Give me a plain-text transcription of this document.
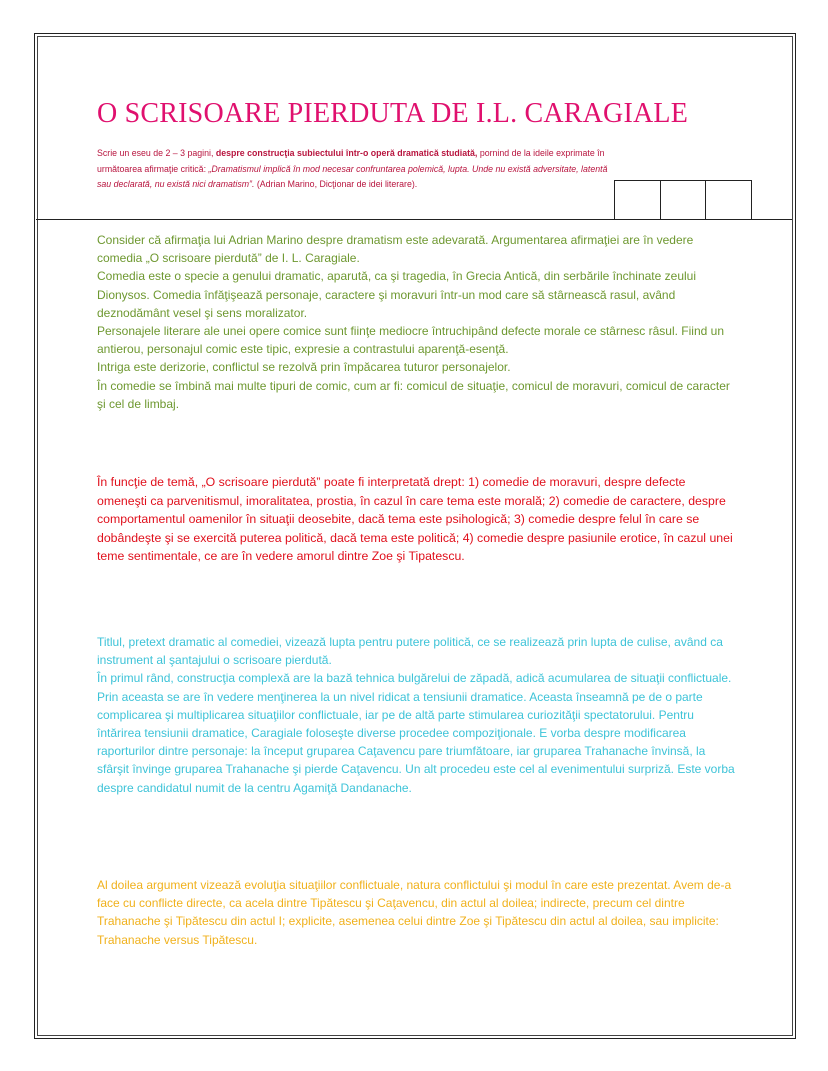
O SCRISOARE PIERDUTA DE I.L. CARAGIALE

Scrie un eseu de 2 – 3 pagini, despre construcţia subiectului într-o operă dramatică studiată, pornind de la ideile exprimate în următoarea afirmaţie critică: „Dramatismul implică în mod necesar confruntarea polemică, lupta. Unde nu există adversitate, latentă sau declarată, nu există nici dramatism”. (Adrian Marino, Dicţionar de idei literare).

Consider că afirmaţia lui Adrian Marino despre dramatism este adevarată. Argumentarea afirmaţiei are în vedere comedia „O scrisoare pierdută” de I. L. Caragiale.
Comedia este o specie a genului dramatic, aparută, ca şi tragedia, în Grecia Antică, din serbările închinate zeului Dionysos. Comedia înfăţişează personaje, caractere şi moravuri într-un mod care să stârnească rasul, având deznodământ vesel şi sens moralizator.
Personajele literare ale unei opere comice sunt fiinţe mediocre întruchipând defecte morale ce stârnesc râsul. Fiind un antierou, personajul comic este tipic, expresie a contrastului aparenţă-esenţă.
Intriga este derizorie, conflictul se rezolvă prin împăcarea tuturor personajelor.
În comedie se îmbină mai multe tipuri de comic, cum ar fi: comicul de situaţie, comicul de moravuri, comicul de caracter şi cel de limbaj.
În funcţie de temă, „O scrisoare pierdută” poate fi interpretată drept: 1) comedie de moravuri, despre defecte omeneşti ca parvenitismul, imoralitatea, prostia, în cazul în care tema este morală; 2) comedie de caractere, despre comportamentul oamenilor în situaţii deosebite, dacă tema este psihologică; 3) comedie despre felul în care se dobândeşte şi se exercită puterea politică, dacă tema este politică; 4) comedie despre pasiunile erotice, în cazul unei teme sentimentale, ce are în vedere amorul dintre Zoe şi Tipatescu.
Titlul, pretext dramatic al comediei, vizează lupta pentru putere politică, ce se realizează prin lupta de culise, având ca instrument al şantajului o scrisoare pierdută.
În primul rând, construcţia complexă are la bază tehnica bulgărelui de zăpadă, adică acumularea de situaţii conflictuale. Prin aceasta se are în vedere menţinerea la un nivel ridicat a tensiunii dramatice. Aceasta înseamnă pe de o parte complicarea şi multiplicarea situaţiilor conflictuale, iar pe de altă parte stimularea curiozităţii spectatorului. Pentru întărirea tensiunii dramatice, Caragiale foloseşte diverse procedee compoziţionale. E vorba despre modificarea raporturilor dintre personaje: la început gruparea Caţavencu pare triumfătoare, iar gruparea Trahanache învinsă, la sfârşit învinge gruparea Trahanache şi pierde Caţavencu. Un alt procedeu este cel al evenimentului surpriză. Este vorba despre candidatul numit de la centru Agamiţă Dandanache.
Al doilea argument vizează evoluţia situaţiilor conflictuale, natura conflictului şi modul în care este prezentat. Avem de-a face cu conflicte directe, ca acela dintre Tipătescu şi Caţavencu, din actul al doilea; indirecte, precum cel dintre Trahanache şi Tipătescu din actul I; explicite, asemenea celui dintre Zoe şi Tipătescu din actul al doilea, sau implicite: Trahanache versus Tipătescu.
